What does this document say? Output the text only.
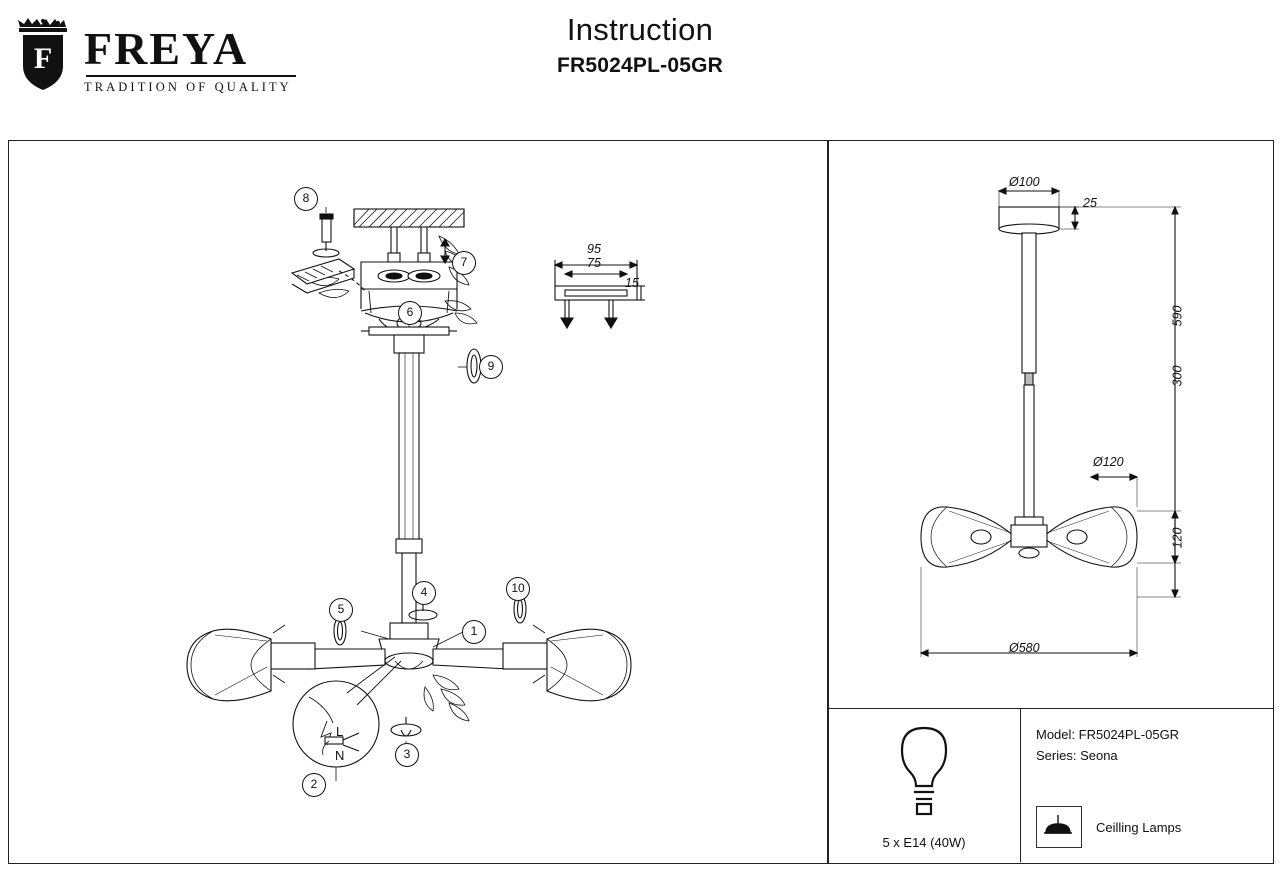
F FREYA
TRADITION OF QUALITY
Instruction
FR5024PL-05GR
1
2
3
4
5
6
7
8
9
10
L
N
95
75
15
Ø100
25
590
300
Ø120
120
Ø580
5 x E14 (40W)
Model: FR5024PL-05GR
Series: Seona
Ceilling Lamps
